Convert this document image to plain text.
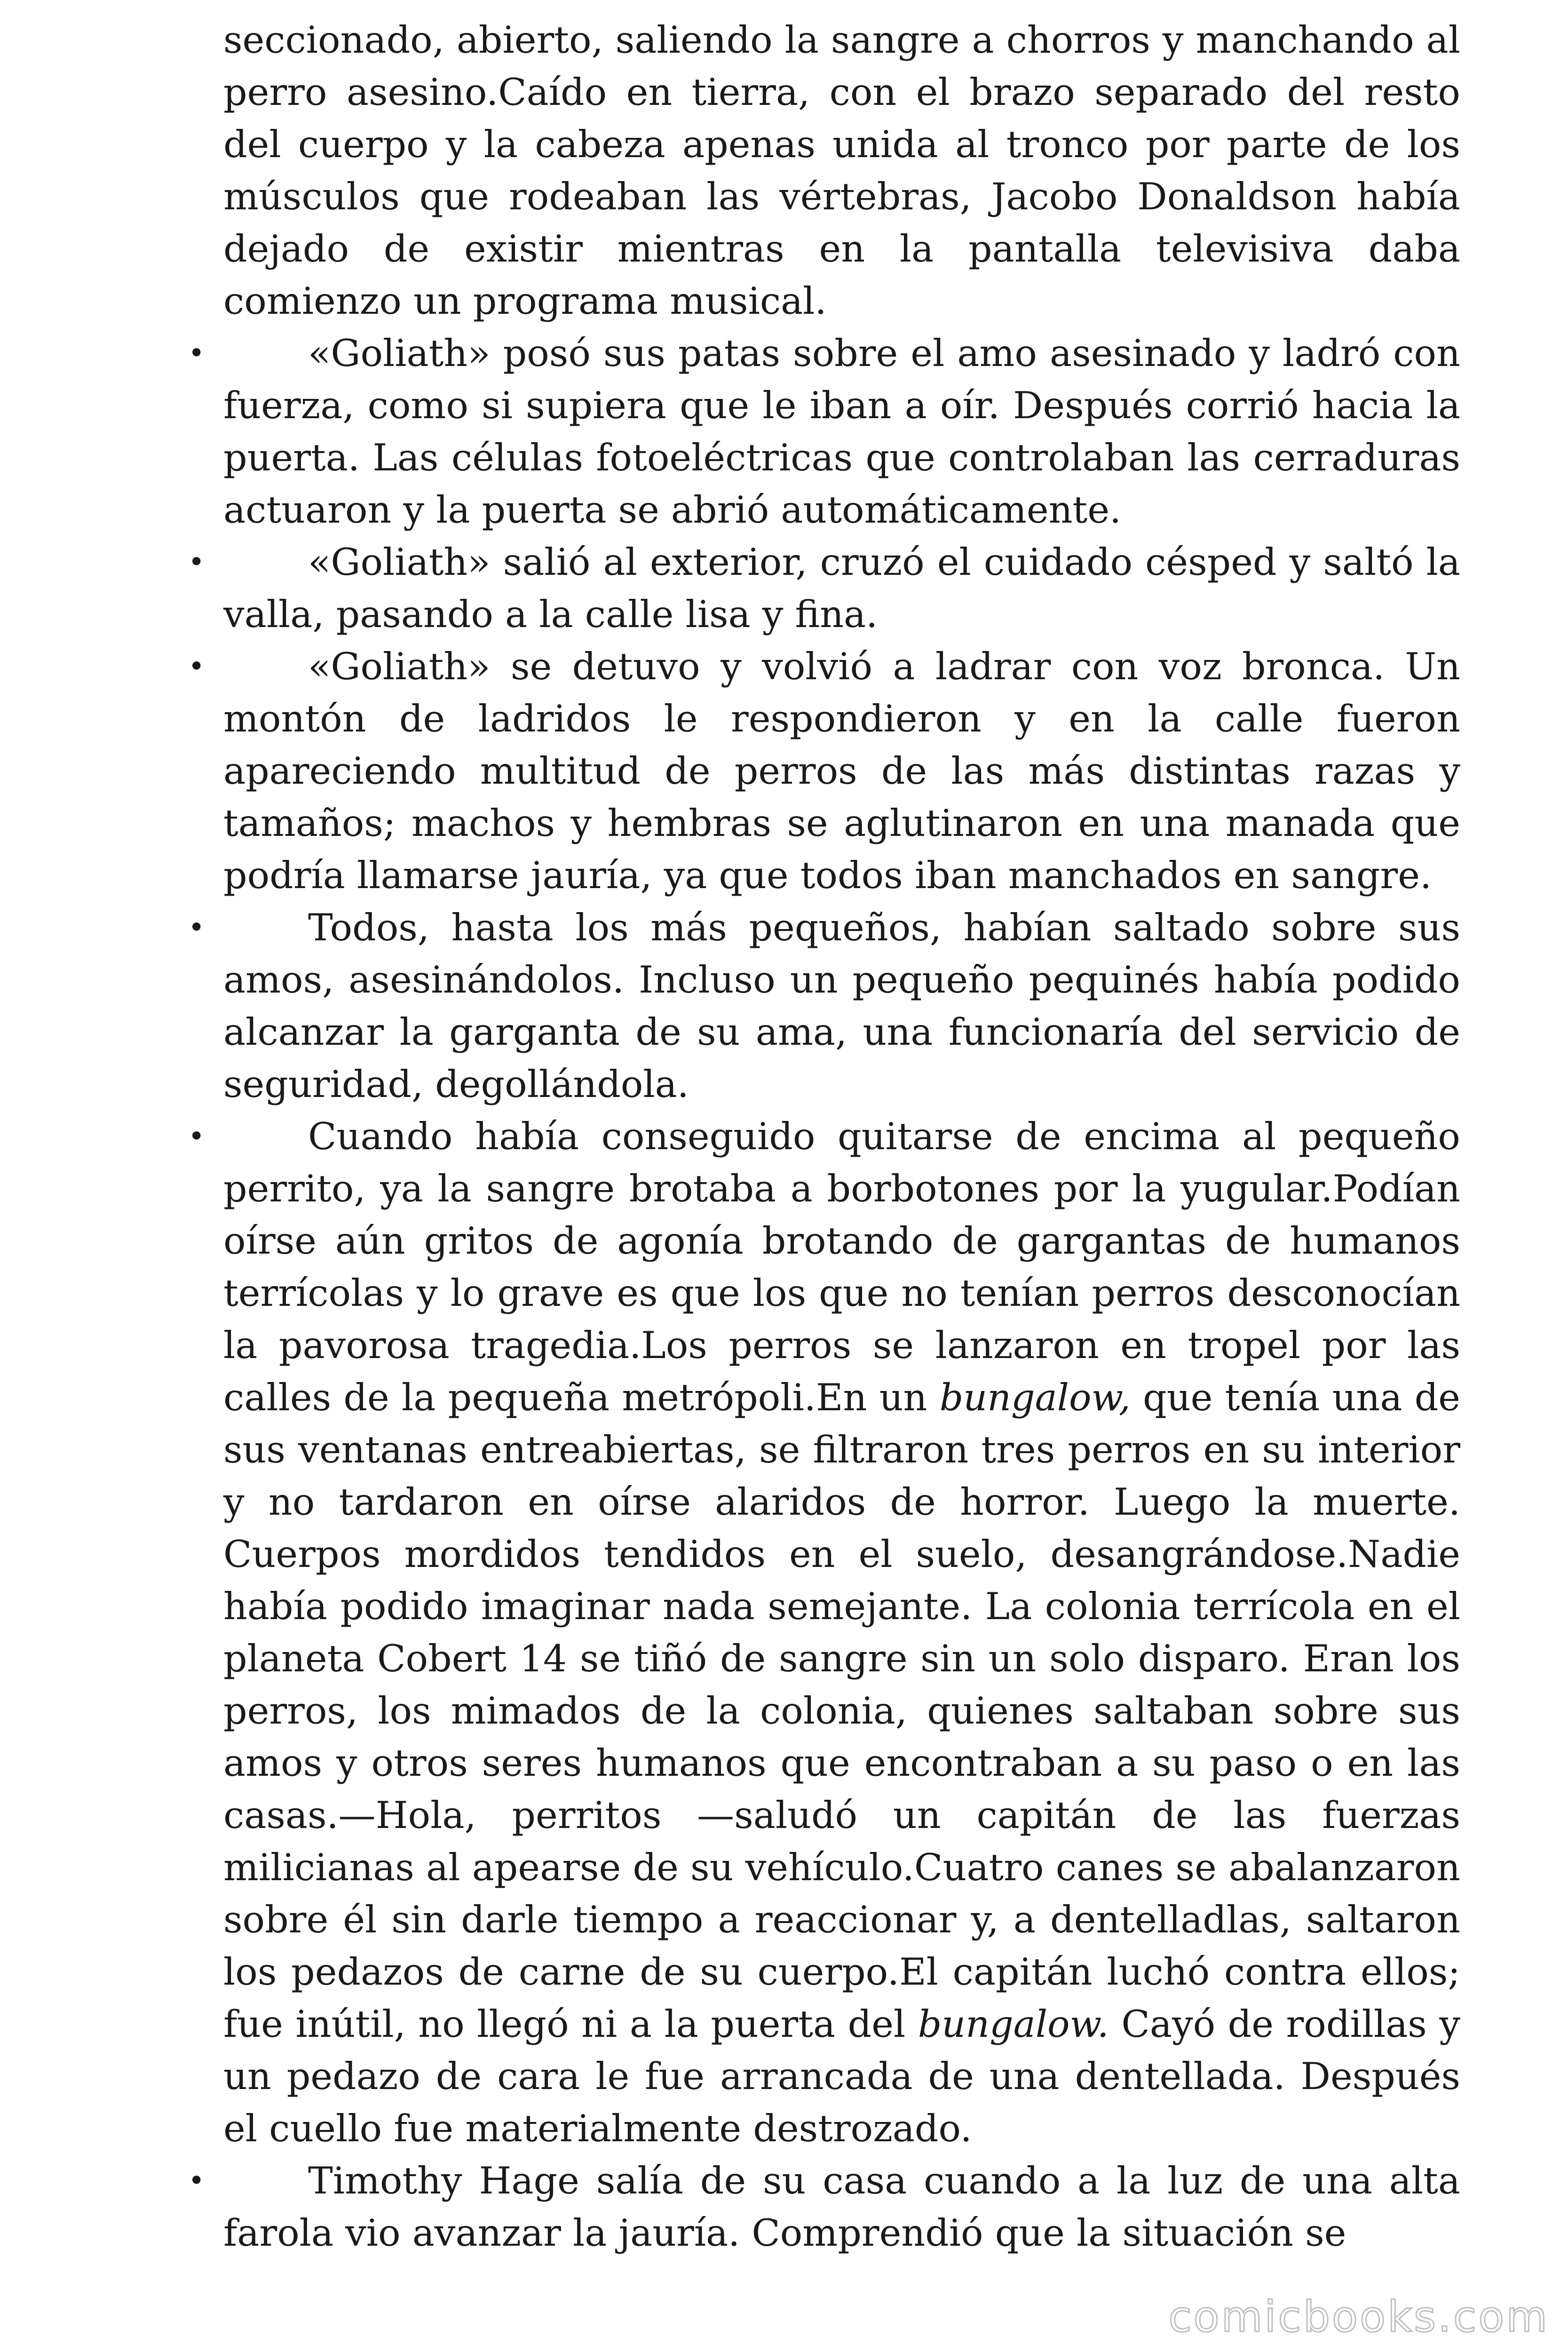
seccionado, abierto, saliendo la sangre a chorros y manchando al perro asesino.Caído en tierra, con el brazo separado del resto del cuerpo y la cabeza apenas unida al tronco por parte de los músculos que rodeaban las vértebras, Jacobo Donaldson había dejado de existir mientras en la pantalla televisiva daba comienzo un programa musical.

•	«Goliath» posó sus patas sobre el amo asesinado y ladró con fuerza, como si supiera que le iban a oír. Después corrió hacia la puerta. Las células fotoeléctricas que controlaban las cerraduras actuaron y la puerta se abrió automáticamente.

•	«Goliath» salió al exterior, cruzó el cuidado césped y saltó la valla, pasando a la calle lisa y fina.

•	«Goliath» se detuvo y volvió a ladrar con voz bronca. Un montón de ladridos le respondieron y en la calle fueron apareciendo multitud de perros de las más distintas razas y tamaños; machos y hembras se aglutinaron en una manada que podría llamarse jauría, ya que todos iban manchados en sangre.

•	Todos, hasta los más pequeños, habían saltado sobre sus amos, asesinándolos. Incluso un pequeño pequinés había podido alcanzar la garganta de su ama, una funcionaría del servicio de seguridad, degollándola.

•	Cuando había conseguido quitarse de encima al pequeño perrito, ya la sangre brotaba a borbotones por la yugular.Podían oírse aún gritos de agonía brotando de gargantas de humanos terrícolas y lo grave es que los que no tenían perros desconocían la pavorosa tragedia.Los perros se lanzaron en tropel por las calles de la pequeña metrópoli.En un bungalow, que tenía una de sus ventanas entreabiertas, se filtraron tres perros en su interior y no tardaron en oírse alaridos de horror. Luego la muerte. Cuerpos mordidos tendidos en el suelo, desangrándose.Nadie había podido imaginar nada semejante. La colonia terrícola en el planeta Cobert 14 se tiñó de sangre sin un solo disparo. Eran los perros, los mimados de la colonia, quienes saltaban sobre sus amos y otros seres humanos que encontraban a su paso o en las casas.—Hola, perritos —saludó un capitán de las fuerzas milicianas al apearse de su vehículo.Cuatro canes se abalanzaron sobre él sin darle tiempo a reaccionar y, a dentelladlas, saltaron los pedazos de carne de su cuerpo.El capitán luchó contra ellos; fue inútil, no llegó ni a la puerta del bungalow. Cayó de rodillas y un pedazo de cara le fue arrancada de una dentellada. Después el cuello fue materialmente destrozado.

•	Timothy Hage salía de su casa cuando a la luz de una alta farola vio avanzar la jauría. Comprendió que la situación se

comicbooks.com
